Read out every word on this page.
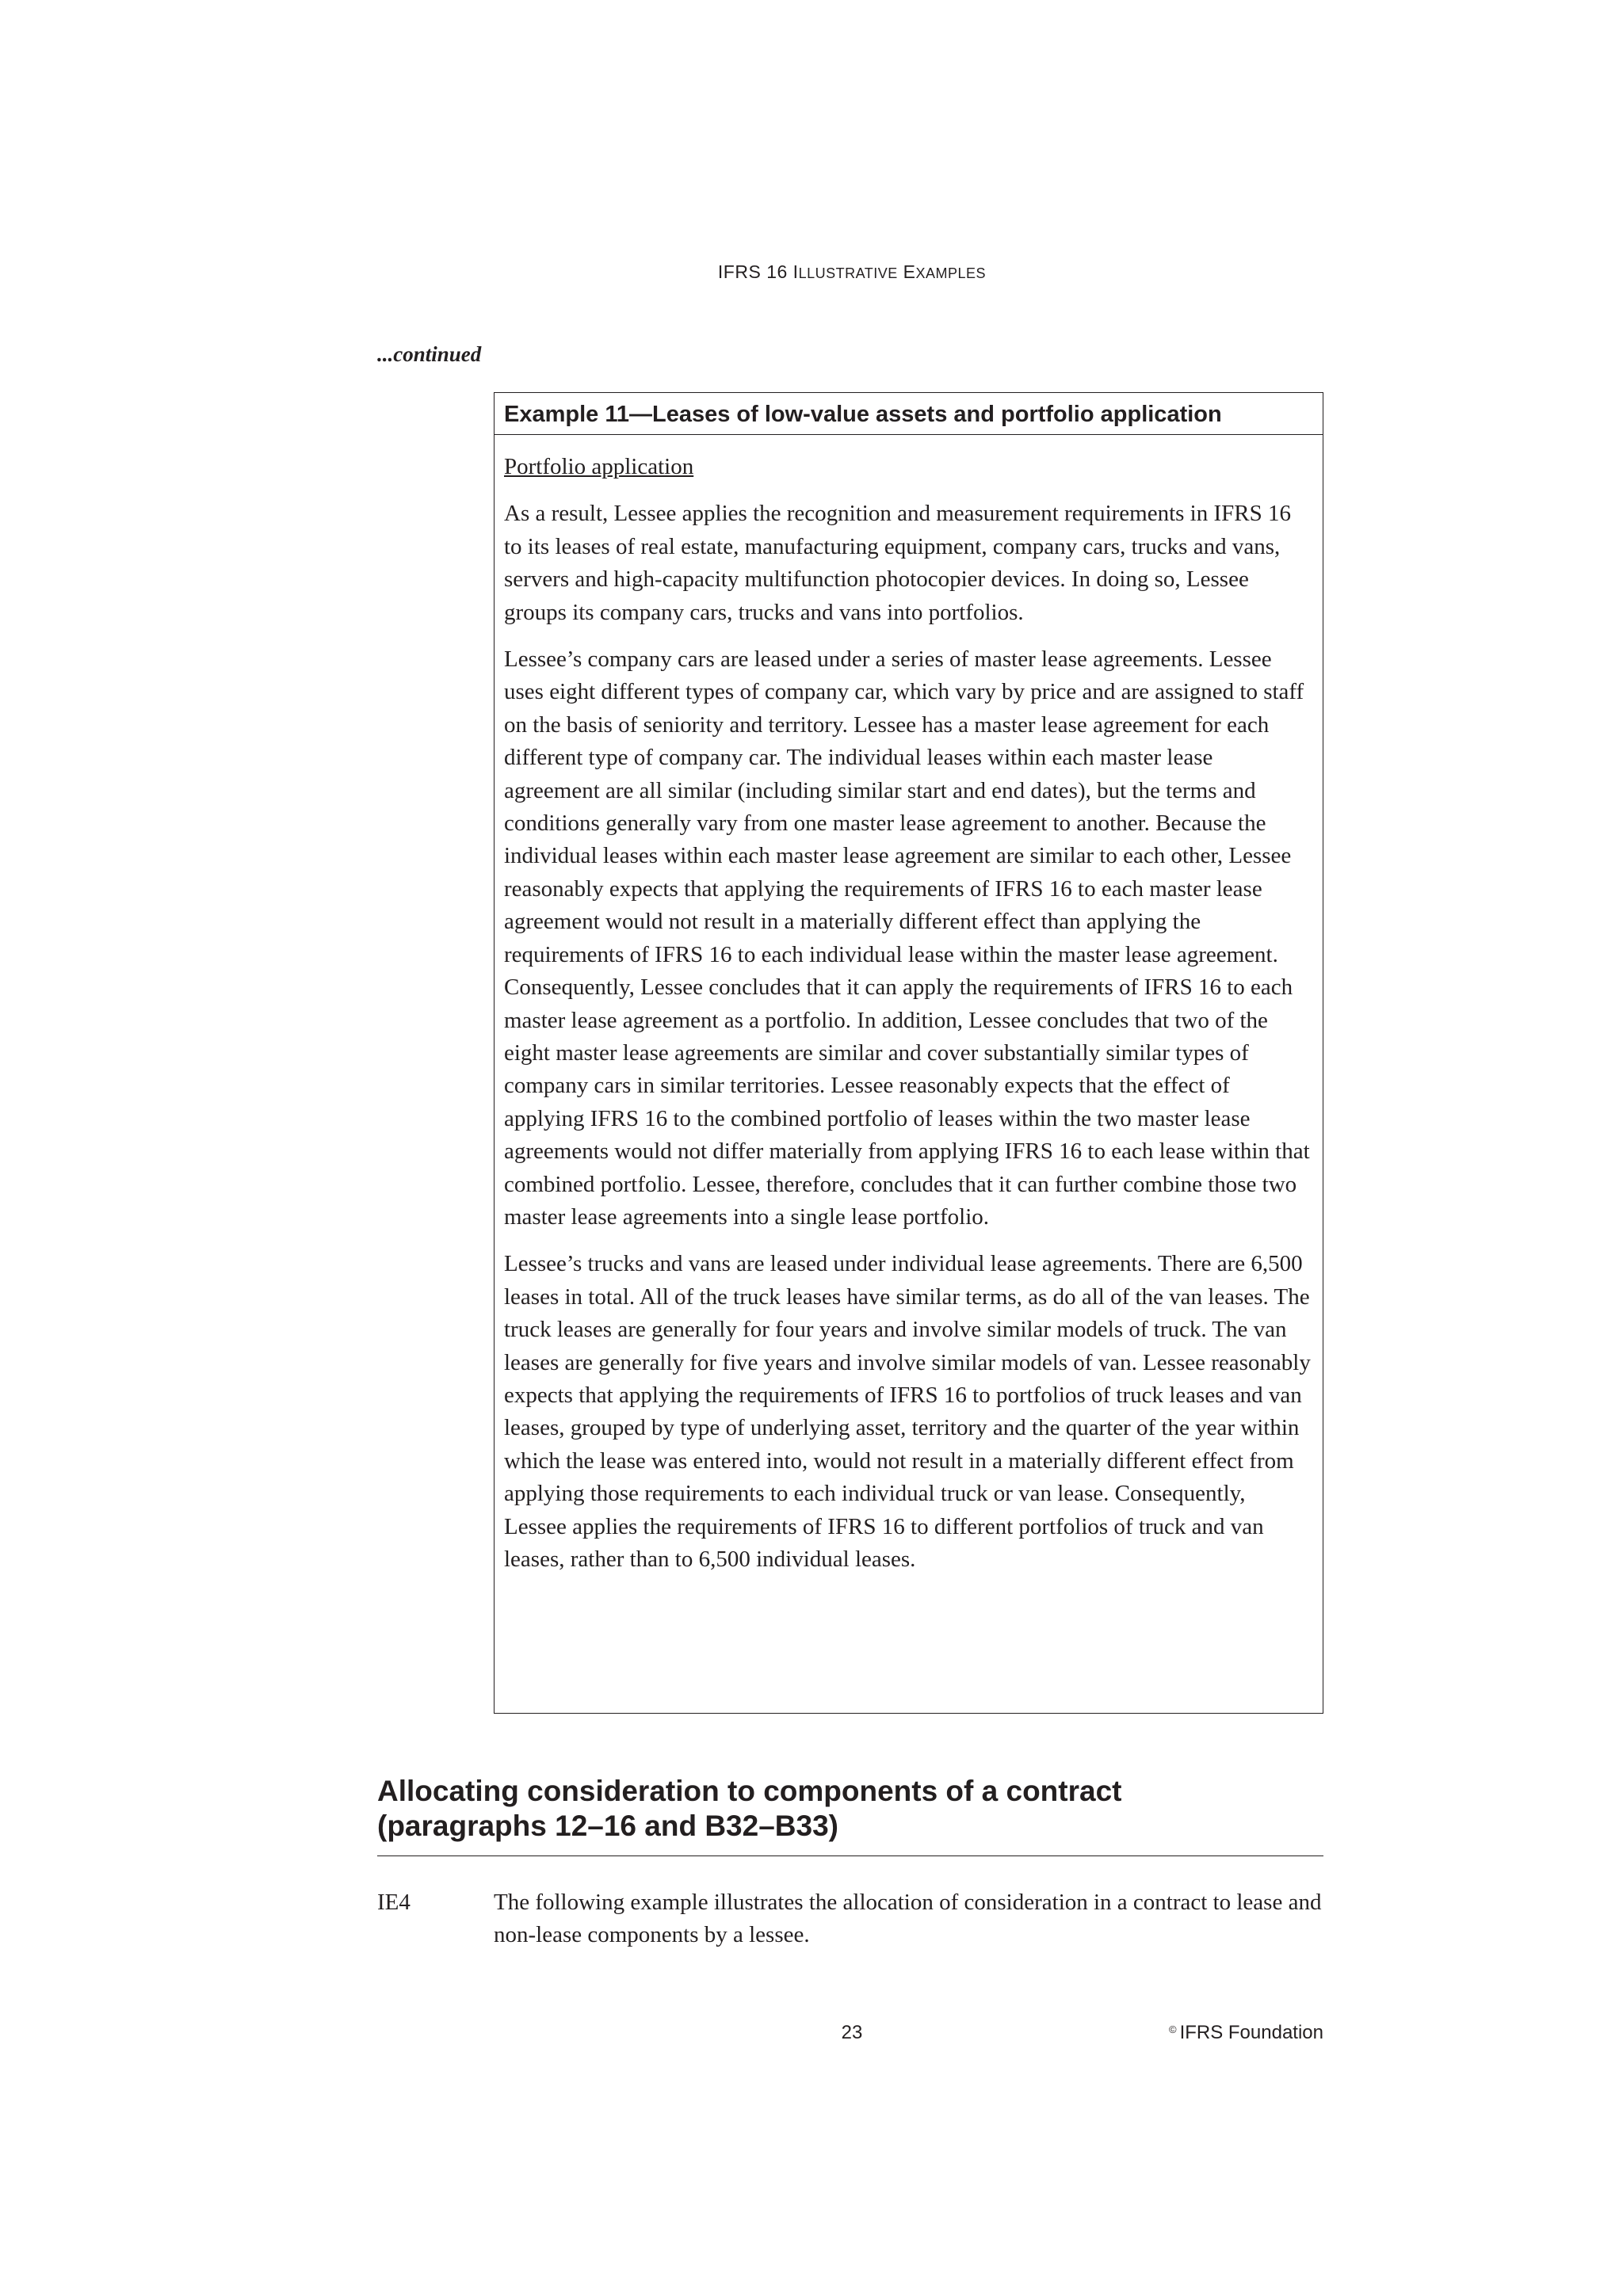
IFRS 16 ILLUSTRATIVE EXAMPLES
...continued
Example 11—Leases of low-value assets and portfolio application

Portfolio application

As a result, Lessee applies the recognition and measurement requirements in IFRS 16 to its leases of real estate, manufacturing equipment, company cars, trucks and vans, servers and high-capacity multifunction photocopier devices. In doing so, Lessee groups its company cars, trucks and vans into portfolios.

Lessee’s company cars are leased under a series of master lease agreements. Lessee uses eight different types of company car, which vary by price and are assigned to staff on the basis of seniority and territory. Lessee has a master lease agreement for each different type of company car. The individual leases within each master lease agreement are all similar (including similar start and end dates), but the terms and conditions generally vary from one master lease agreement to another. Because the individual leases within each master lease agreement are similar to each other, Lessee reasonably expects that applying the requirements of IFRS 16 to each master lease agreement would not result in a materially different effect than applying the requirements of IFRS 16 to each individual lease within the master lease agreement. Consequently, Lessee concludes that it can apply the requirements of IFRS 16 to each master lease agreement as a portfolio. In addition, Lessee concludes that two of the eight master lease agreements are similar and cover substantially similar types of company cars in similar territories. Lessee reasonably expects that the effect of applying IFRS 16 to the combined portfolio of leases within the two master lease agreements would not differ materially from applying IFRS 16 to each lease within that combined portfolio. Lessee, therefore, concludes that it can further combine those two master lease agreements into a single lease portfolio.

Lessee’s trucks and vans are leased under individual lease agreements. There are 6,500 leases in total. All of the truck leases have similar terms, as do all of the van leases. The truck leases are generally for four years and involve similar models of truck. The van leases are generally for five years and involve similar models of van. Lessee reasonably expects that applying the requirements of IFRS 16 to portfolios of truck leases and van leases, grouped by type of underlying asset, territory and the quarter of the year within which the lease was entered into, would not result in a materially different effect from applying those requirements to each individual truck or van lease. Consequently, Lessee applies the requirements of IFRS 16 to different portfolios of truck and van leases, rather than to 6,500 individual leases.

Allocating consideration to components of a contract
(paragraphs 12–16 and B32–B33)
IE4	The following example illustrates the allocation of consideration in a contract to lease and non-lease components by a lessee.
23	© IFRS Foundation
